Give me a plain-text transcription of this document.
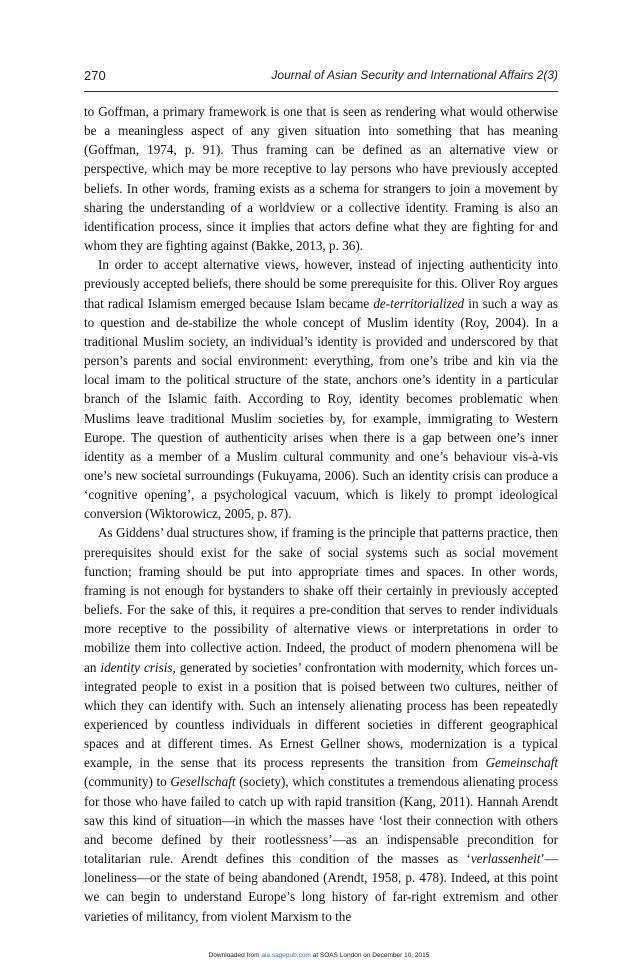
270	Journal of Asian Security and International Affairs 2(3)

to Goffman, a primary framework is one that is seen as rendering what would otherwise be a meaningless aspect of any given situation into something that has meaning (Goffman, 1974, p. 91). Thus framing can be defined as an alternative view or perspective, which may be more receptive to lay persons who have previously accepted beliefs. In other words, framing exists as a schema for strangers to join a movement by sharing the understanding of a worldview or a collective identity. Framing is also an identification process, since it implies that actors define what they are fighting for and whom they are fighting against (Bakke, 2013, p. 36).

In order to accept alternative views, however, instead of injecting authenticity into previously accepted beliefs, there should be some prerequisite for this. Oliver Roy argues that radical Islamism emerged because Islam became de-territorialized in such a way as to question and de-stabilize the whole concept of Muslim identity (Roy, 2004). In a traditional Muslim society, an individual’s identity is provided and underscored by that person’s parents and social environment: everything, from one’s tribe and kin via the local imam to the political structure of the state, anchors one’s identity in a particular branch of the Islamic faith. According to Roy, identity becomes problematic when Muslims leave traditional Muslim societies by, for example, immigrating to Western Europe. The question of authenticity arises when there is a gap between one’s inner identity as a member of a Muslim cultural community and one’s behaviour vis-à-vis one’s new societal surroundings (Fukuyama, 2006). Such an identity crisis can produce a ‘cognitive opening’, a psychological vacuum, which is likely to prompt ideological conversion (Wiktorowicz, 2005, p. 87).

As Giddens’ dual structures show, if framing is the principle that patterns practice, then prerequisites should exist for the sake of social systems such as social movement function; framing should be put into appropriate times and spaces. In other words, framing is not enough for bystanders to shake off their certainly in previously accepted beliefs. For the sake of this, it requires a pre-condition that serves to render individuals more receptive to the possibility of alternative views or interpretations in order to mobilize them into collective action. Indeed, the product of modern phenomena will be an identity crisis, generated by societies’ confrontation with modernity, which forces un-integrated people to exist in a position that is poised between two cultures, neither of which they can identify with. Such an intensely alienating process has been repeatedly experienced by countless individuals in different societies in different geographical spaces and at different times. As Ernest Gellner shows, modernization is a typical example, in the sense that its process represents the transition from Gemeinschaft (community) to Gesellschaft (society), which constitutes a tremendous alienating process for those who have failed to catch up with rapid transition (Kang, 2011). Hannah Arendt saw this kind of situation—in which the masses have ‘lost their connection with others and become defined by their rootlessness’—as an indispensable precondition for totalitarian rule. Arendt defines this condition of the masses as ‘verlassenheit’—loneliness—or the state of being abandoned (Arendt, 1958, p. 478). Indeed, at this point we can begin to understand Europe’s long history of far-right extremism and other varieties of militancy, from violent Marxism to the

Downloaded from aia.sagepub.com at SOAS London on December 10, 2015
